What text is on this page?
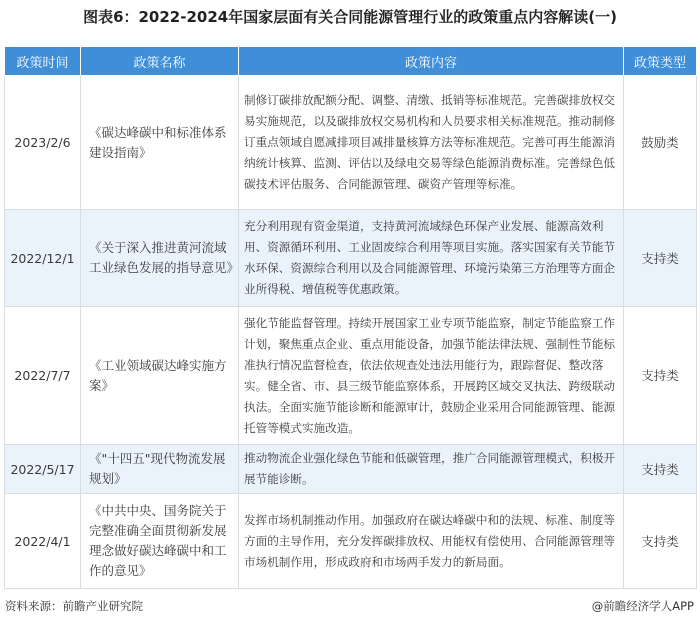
图表6：2022-2024年国家层面有关合同能源管理行业的政策重点内容解读(一)
政策时间	政策名称	政策内容	政策类型
2023/2/6	《碳达峰碳中和标准体系建设指南》	制修订碳排放配额分配、调整、清缴、抵销等标准规范。完善碳排放权交易实施规范，以及碳排放权交易机构和人员要求相关标准规范。推动制修订重点领域自愿减排项目减排量核算方法等标准规范。完善可再生能源消纳统计核算、监测、评估以及绿电交易等绿色能源消费标准。完善绿色低碳技术评估服务、合同能源管理、碳资产管理等标准。	鼓励类
2022/12/1	《关于深入推进黄河流域工业绿色发展的指导意见》	充分利用现有资金渠道，支持黄河流域绿色环保产业发展、能源高效利用、资源循环利用、工业固废综合利用等项目实施。落实国家有关节能节水环保、资源综合利用以及合同能源管理、环境污染第三方治理等方面企业所得税、增值税等优惠政策。	支持类
2022/7/7	《工业领域碳达峰实施方案》	强化节能监督管理。持续开展国家工业专项节能监察，制定节能监察工作计划，聚焦重点企业、重点用能设备，加强节能法律法规、强制性节能标准执行情况监督检查，依法依规查处违法用能行为，跟踪督促、整改落实。健全省、市、县三级节能监察体系，开展跨区域交叉执法、跨级联动执法。全面实施节能诊断和能源审计，鼓励企业采用合同能源管理、能源托管等模式实施改造。	支持类
2022/5/17	《"十四五"现代物流发展规划》	推动物流企业强化绿色节能和低碳管理，推广合同能源管理模式，积极开展节能诊断。	支持类
2022/4/1	《中共中央、国务院关于完整准确全面贯彻新发展理念做好碳达峰碳中和工作的意见》	发挥市场机制推动作用。加强政府在碳达峰碳中和的法规、标准、制度等方面的主导作用，充分发挥碳排放权、用能权有偿使用、合同能源管理等市场机制作用，形成政府和市场两手发力的新局面。	支持类
资料来源：前瞻产业研究院	@前瞻经济学人APP
